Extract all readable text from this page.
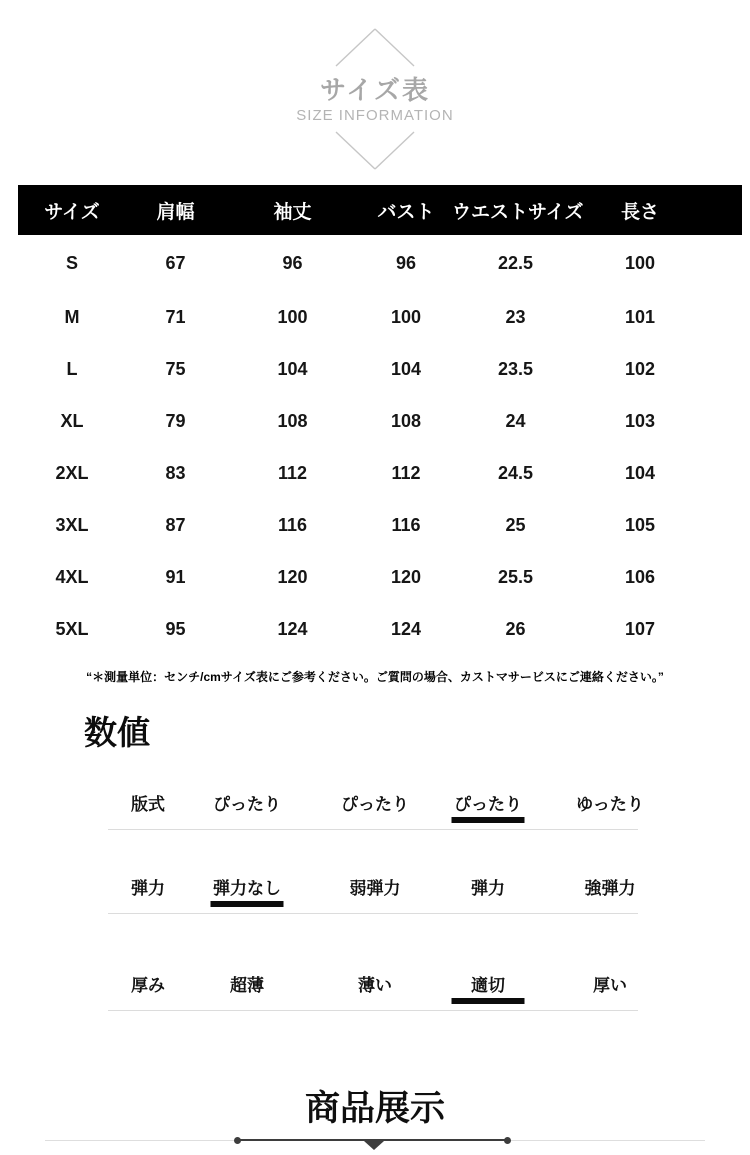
サイズ表
SIZE INFORMATION
サイズ	肩幅	袖丈	バスト	ウエストサイズ	長さ	
S	67	96	96	22.5	100	
M	71	100	100	23	101	
L	75	104	104	23.5	102	
XL	79	108	108	24	103	
2XL	83	112	112	24.5	104	
3XL	87	116	116	25	105	
4XL	91	120	120	25.5	106	
5XL	95	124	124	26	107	
“＊測量単位：センチ/cmサイズ表にご参考ください。ご質問の場合、カストマサービスにご連絡ください。”
数値
版式	ぴったり	ぴったり	ぴったり	ゆったり
弾力	弾力なし	弱弾力	弾力	強弾力
厚み	超薄	薄い	適切	厚い
商品展示
